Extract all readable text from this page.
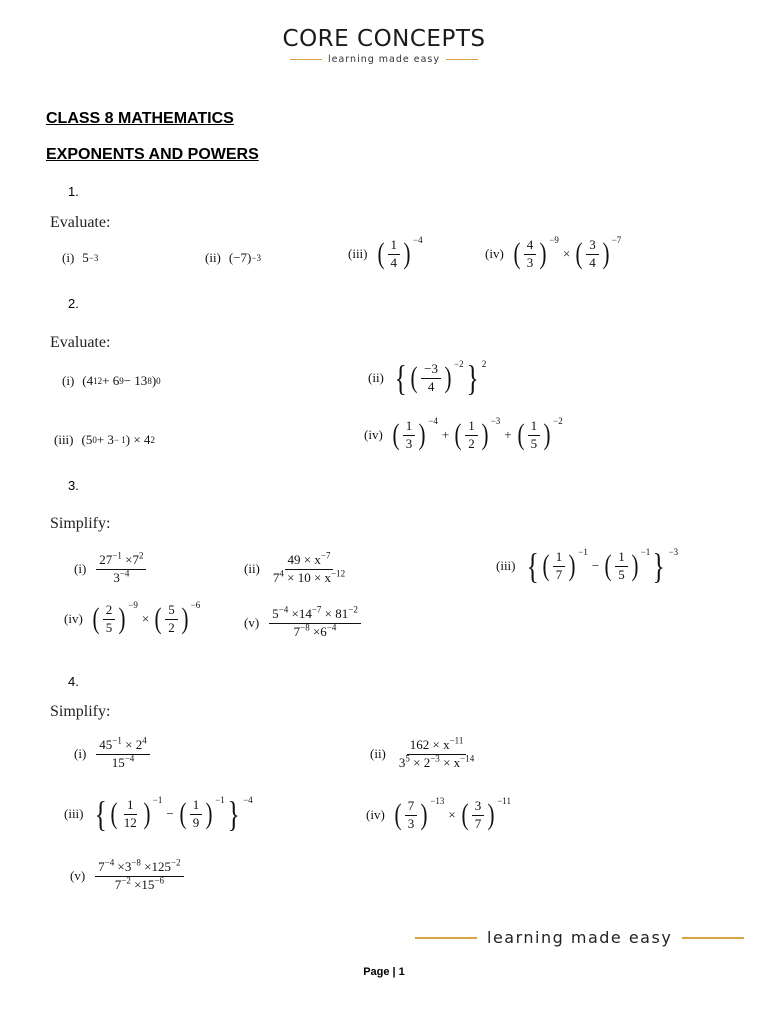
CORE CONCEPTS
learning made easy
CLASS 8 MATHEMATICS
EXPONENTS AND POWERS
1.
Evaluate:
(i) 5 −3	(ii) (−7) −3	(iii) ( $\frac{1}{4}$
) −4
(iv) ( $\frac{4}{3}$
) −9
× ( $\frac{3}{4}$
) −7
2.
Evaluate:
(i) (4 12 + 6 9 − 13 8 ) 0	(ii)	( { $\frac{-3}{4}$
) −2
} 2
(iii) (5 0 + 3 − 1 ) × 4 2	(iv) ( $\frac{1}{3}$
) −4
+ ( $\frac{1}{2}$
) −3
+ ( $\frac{1}{5}$
) −2
3.
Simplify:
$(i) \frac{27^{-1} \times 7^2}{3^{-4}}$	$(ii) \frac{49 \times x^{-7}}{7^4 \times 10 \times x^{-12}}$	(iii)	( { $\frac{1}{7}$
) −1
− ( $\frac{1}{5}$
) −1
} −3
(iv) ( $\frac{2}{5}$
) −9
× ( $\frac{5}{2}$
) −6
$(v) \frac{5^{-4} \times 14^{-7} \times 81^{-2}}{7^{-8} \times 6^{-4}}$
4.
Simplify:
$(i) \frac{45^{-1} \times 2^4}{15^{-4}}$	$(ii) \frac{162 \times x^{-11}}{3^5 \times 2^{-3} \times x^{-14}}$
(iii)	( { $\frac{1}{12}$
) −1
− ( $\frac{1}{9}$
) −1
} −4
(iv) ( $\frac{7}{3}$
) −13
× ( $\frac{3}{7}$
) −11
$(v) \frac{7^{-4} \times 3^{-8} \times 125^{-2}}{7^{-2} \times 15^{-6}}$
learning made easy
Page | 1
